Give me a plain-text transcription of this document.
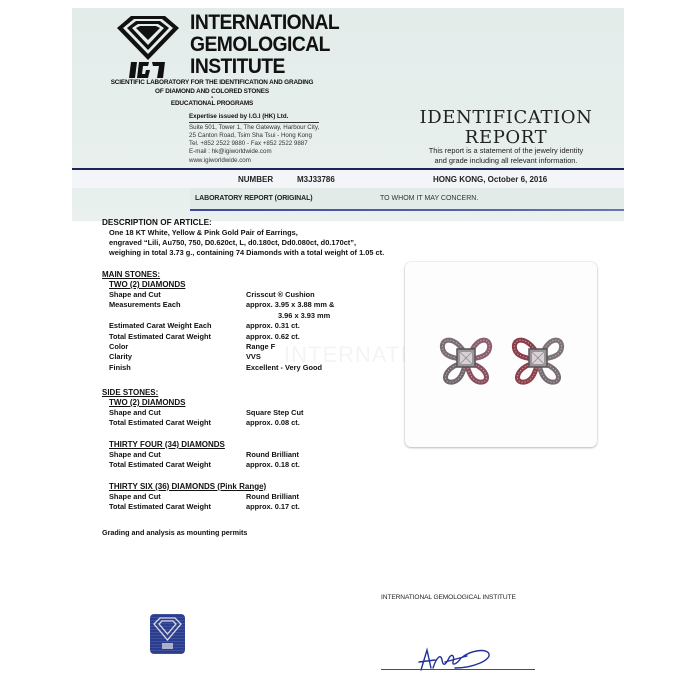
INTERNATIONAL
GEMOLOGICAL
INSTITUTE
SCIENTIFIC LABORATORY FOR THE IDENTIFICATION AND GRADING
OF DIAMOND AND COLORED STONES
•
EDUCATIONAL PROGRAMS
Expertise issued by I.G.I (HK) Ltd.
Suite 501, Tower 1, The Gateway, Harbour City,
25 Canton Road, Tsim Sha Tsui - Hong Kong
Tel. +852 2522 9880 - Fax +852 2522 9887
E-mail : hk@igiworldwide.com
www.igiworldwide.com
IDENTIFICATION
REPORT
This report is a statement of the jewelry identity
and grade including all relevant information.
NUMBER	M3J33786	HONG KONG, October 6, 2016
LABORATORY REPORT (ORIGINAL)	TO WHOM IT MAY CONCERN.
DESCRIPTION OF ARTICLE:
One 18 KT White, Yellow & Pink Gold Pair of Earrings,
engraved “Lili, Au750, 750, D0.620ct, L, d0.180ct, Dd0.080ct, d0.170ct”,
weighing in total 3.73 g., containing 74 Diamonds with a total weight of 1.05 ct.
MAIN STONES:
TWO (2) DIAMONDS
Shape and Cut	Crisscut ® Cushion
Measurements Each	approx. 3.95 x 3.88 mm &
3.96 x 3.93 mm
Estimated Carat Weight Each	approx. 0.31 ct.
Total Estimated Carat Weight	approx. 0.62 ct.
Color	Range F
Clarity	VVS
Finish	Excellent - Very Good
SIDE STONES:
TWO (2) DIAMONDS
Shape and Cut	Square Step Cut
Total Estimated Carat Weight	approx. 0.08 ct.
THIRTY FOUR (34) DIAMONDS
Shape and Cut	Round Brilliant
Total Estimated Carat Weight	approx. 0.18 ct.
THIRTY SIX (36) DIAMONDS (Pink Range)
Shape and Cut	Round Brilliant
Total Estimated Carat Weight	approx. 0.17 ct.
Grading and analysis as mounting permits
INTERNATIONAL GEMOLOGICAL INSTITUTE
